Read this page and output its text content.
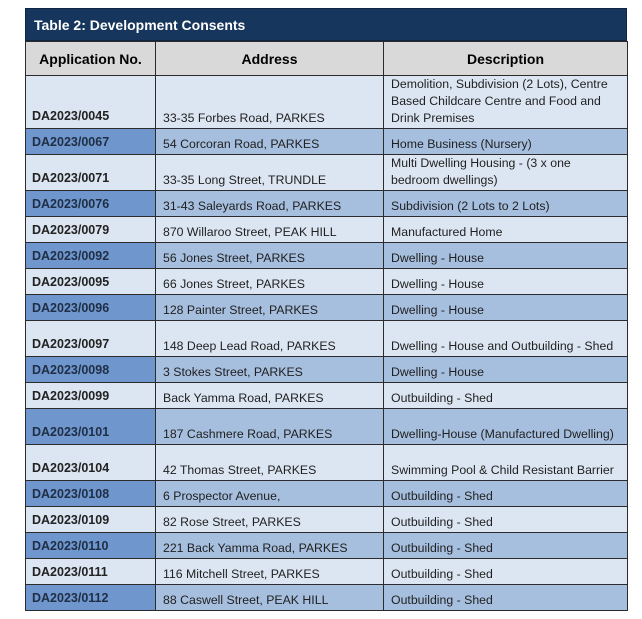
Table 2: Development Consents
Application No.	Address	Description
DA2023/0045	33-35 Forbes Road, PARKES	Demolition, Subdivision (2 Lots), Centre Based Childcare Centre and Food and Drink Premises
DA2023/0067	54 Corcoran Road, PARKES	Home Business (Nursery)
DA2023/0071	33-35 Long Street, TRUNDLE	Multi Dwelling Housing - (3 x one bedroom dwellings)
DA2023/0076	31-43 Saleyards Road, PARKES	Subdivision (2 Lots to 2 Lots)
DA2023/0079	870 Willaroo Street, PEAK HILL	Manufactured Home
DA2023/0092	56 Jones Street, PARKES	Dwelling - House
DA2023/0095	66 Jones Street, PARKES	Dwelling - House
DA2023/0096	128 Painter Street, PARKES	Dwelling - House
DA2023/0097	148 Deep Lead Road, PARKES	Dwelling - House and Outbuilding - Shed
DA2023/0098	3 Stokes Street, PARKES	Dwelling - House
DA2023/0099	Back Yamma Road, PARKES	Outbuilding - Shed
DA2023/0101	187 Cashmere Road, PARKES	Dwelling-House (Manufactured Dwelling)
DA2023/0104	42 Thomas Street, PARKES	Swimming Pool & Child Resistant Barrier
DA2023/0108	6 Prospector Avenue,	Outbuilding - Shed
DA2023/0109	82 Rose Street, PARKES	Outbuilding - Shed
DA2023/0110	221 Back Yamma Road, PARKES	Outbuilding - Shed
DA2023/0111	116 Mitchell Street, PARKES	Outbuilding - Shed
DA2023/0112	88 Caswell Street, PEAK HILL	Outbuilding - Shed
